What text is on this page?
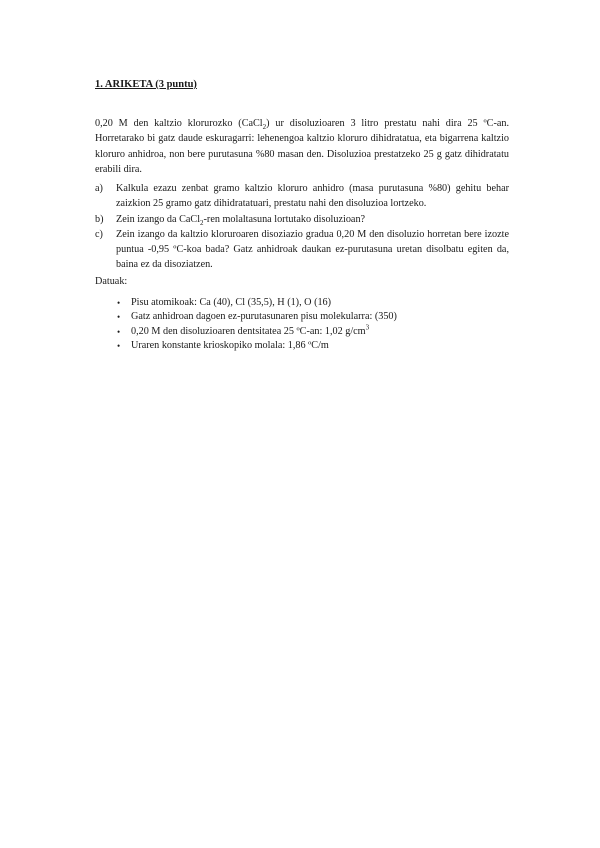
1. ARIKETA (3 puntu)
0,20 M den kaltzio klorurozko (CaCl$_2$) ur disoluzioaren 3 litro prestatu nahi dira 25 ºC-an. Horretarako bi gatz daude eskuragarri: lehenengoa kaltzio kloruro dihidratatua, eta bigarrena kaltzio kloruro anhidroa, non bere purutasuna %80 masan den. Disoluzioa prestatzeko 25 g gatz dihidratatu erabili dira.
a) Kalkula ezazu zenbat gramo kaltzio kloruro anhidro (masa purutasuna %80) gehitu behar zaizkion 25 gramo gatz dihidratatuari, prestatu nahi den disoluzioa lortzeko.
b) Zein izango da CaCl$_2$-ren molaltasuna lortutako disoluzioan?
c) Zein izango da kaltzio kloruroaren disoziazio gradua 0,20 M den disoluzio horretan bere izozte puntua -0,95 ºC-koa bada? Gatz anhidroak daukan ez-purutasuna uretan disolbatu egiten da, baina ez da disoziatzen.
Datuak:
• Pisu atomikoak: Ca (40), Cl (35,5), H (1), O (16)
• Gatz anhidroan dagoen ez-purutasunaren pisu molekularra: (350)
• 0,20 M den disoluzioaren dentsitatea 25 ºC-an: 1,02 $g/cm^3$
• Uraren konstante krioskopiko molala: 1,86 ºC/m
